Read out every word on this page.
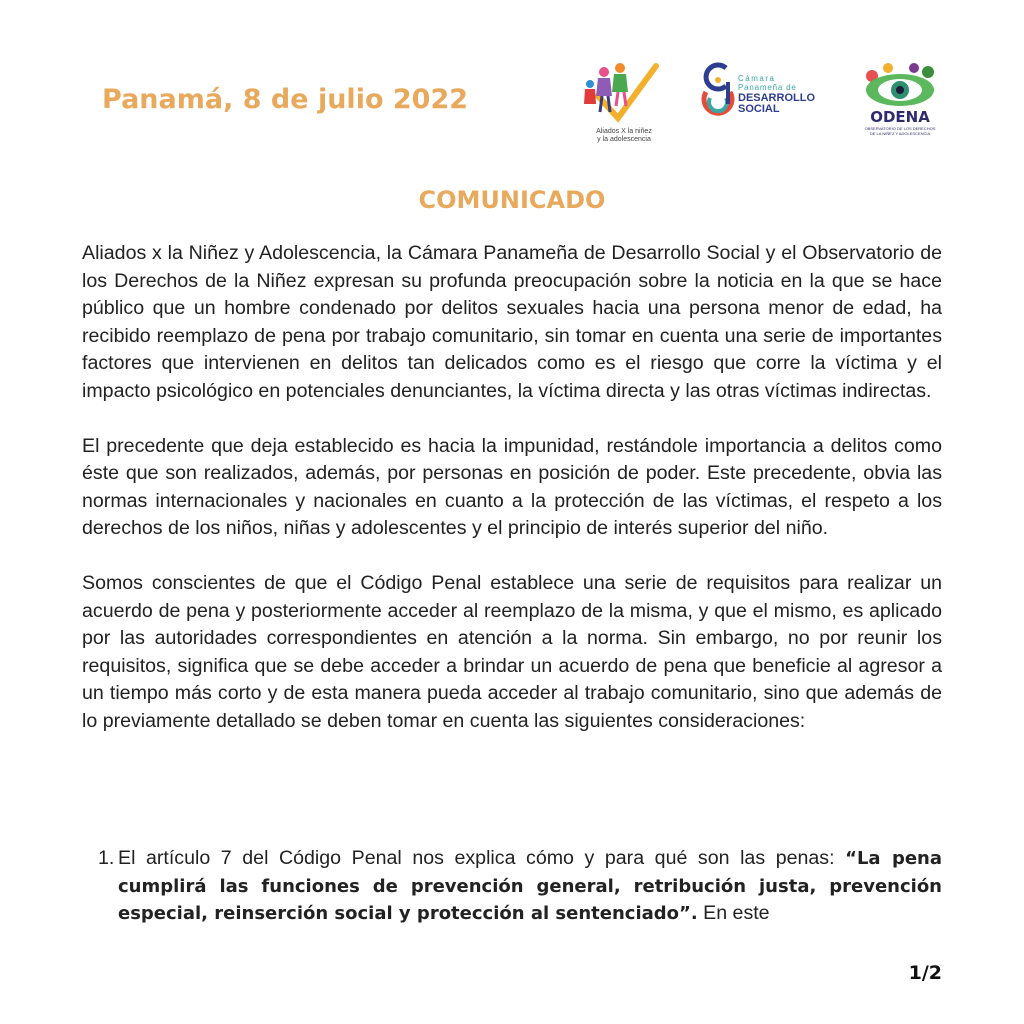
Panamá, 8 de julio 2022
Aliados X la niñez
y la adolescencia
Cámara
Panameña de
DESARROLLO
SOCIAL	ODENA
OBSERVATORIO DE LOS DERECHOS
DE LA NIÑEZ Y ADOLESCENCIA
COMUNICADO

Aliados x la Niñez y Adolescencia, la Cámara Panameña de Desarrollo Social y el Observatorio de los Derechos de la Niñez expresan su profunda preocupación sobre la noticia en la que se hace público que un hombre condenado por delitos sexuales hacia una persona menor de edad, ha recibido reemplazo de pena por trabajo comunitario, sin tomar en cuenta una serie de importantes factores que intervienen en delitos tan delicados como es el riesgo que corre la víctima y el impacto psicológico en potenciales denunciantes, la víctima directa y las otras víctimas indirectas.

El precedente que deja establecido es hacia la impunidad, restándole importancia a delitos como éste que son realizados, además, por personas en posición de poder. Este precedente, obvia las normas internacionales y nacionales en cuanto a la protección de las víctimas, el respeto a los derechos de los niños, niñas y adolescentes y el principio de interés superior del niño.

Somos conscientes de que el Código Penal establece una serie de requisitos para realizar un acuerdo de pena y posteriormente acceder al reemplazo de la misma, y que el mismo, es aplicado por las autoridades correspondientes en atención a la norma. Sin embargo, no por reunir los requisitos, significa que se debe acceder a brindar un acuerdo de pena que beneficie al agresor a un tiempo más corto y de esta manera pueda acceder al trabajo comunitario, sino que además de lo previamente detallado se deben tomar en cuenta las siguientes consideraciones:

1. El artículo 7 del Código Penal nos explica cómo y para qué son las penas: “La pena cumplirá las funciones de prevención general, retribución justa, prevención especial, reinserción social y protección al sentenciado”. En este
1/2
